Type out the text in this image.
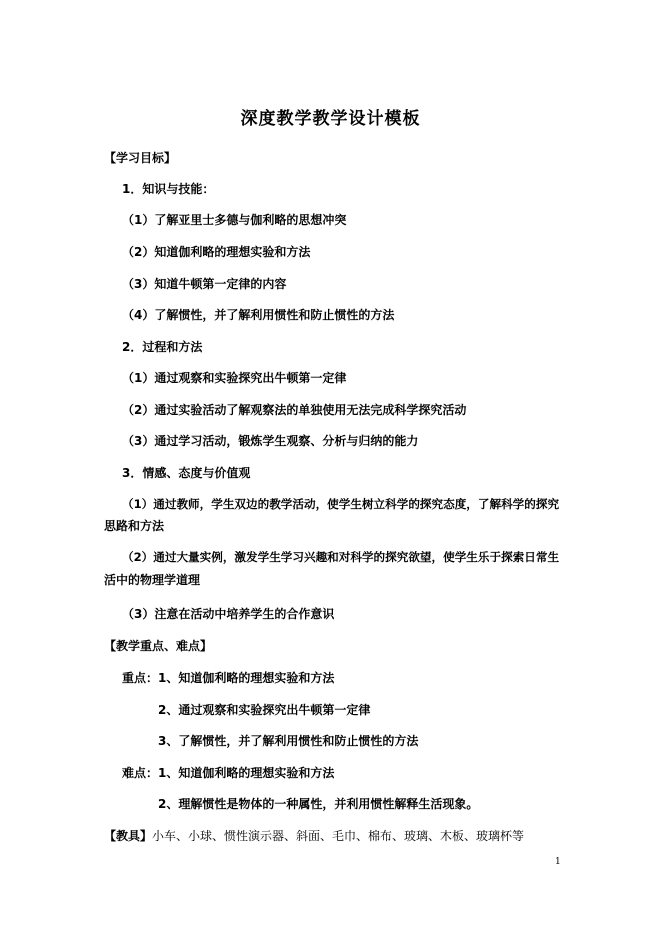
深度教学教学设计模板
【学习目标】
1．知识与技能：
（1）了解亚里士多德与伽利略的思想冲突
（2）知道伽利略的理想实验和方法
（3）知道牛顿第一定律的内容
（4）了解惯性，并了解利用惯性和防止惯性的方法
2．过程和方法
（1）通过观察和实验探究出牛顿第一定律
（2）通过实验活动了解观察法的单独使用无法完成科学探究活动
（3）通过学习活动，锻炼学生观察、分析与归纳的能力
3．情感、态度与价值观
（1）通过教师，学生双边的教学活动，使学生树立科学的探究态度，了解科学的探究
思路和方法
（2）通过大量实例，激发学生学习兴趣和对科学的探究欲望，使学生乐于探索日常生
活中的物理学道理
（3）注意在活动中培养学生的合作意识
【教学重点、难点】
重点：1、知道伽利略的理想实验和方法
2、通过观察和实验探究出牛顿第一定律
3、了解惯性，并了解利用惯性和防止惯性的方法
难点：1、知道伽利略的理想实验和方法
2、理解惯性是物体的一种属性，并利用惯性解释生活现象。
【教具】小车、小球、惯性演示器、斜面、毛巾、棉布、玻璃、木板、玻璃杯等
1
